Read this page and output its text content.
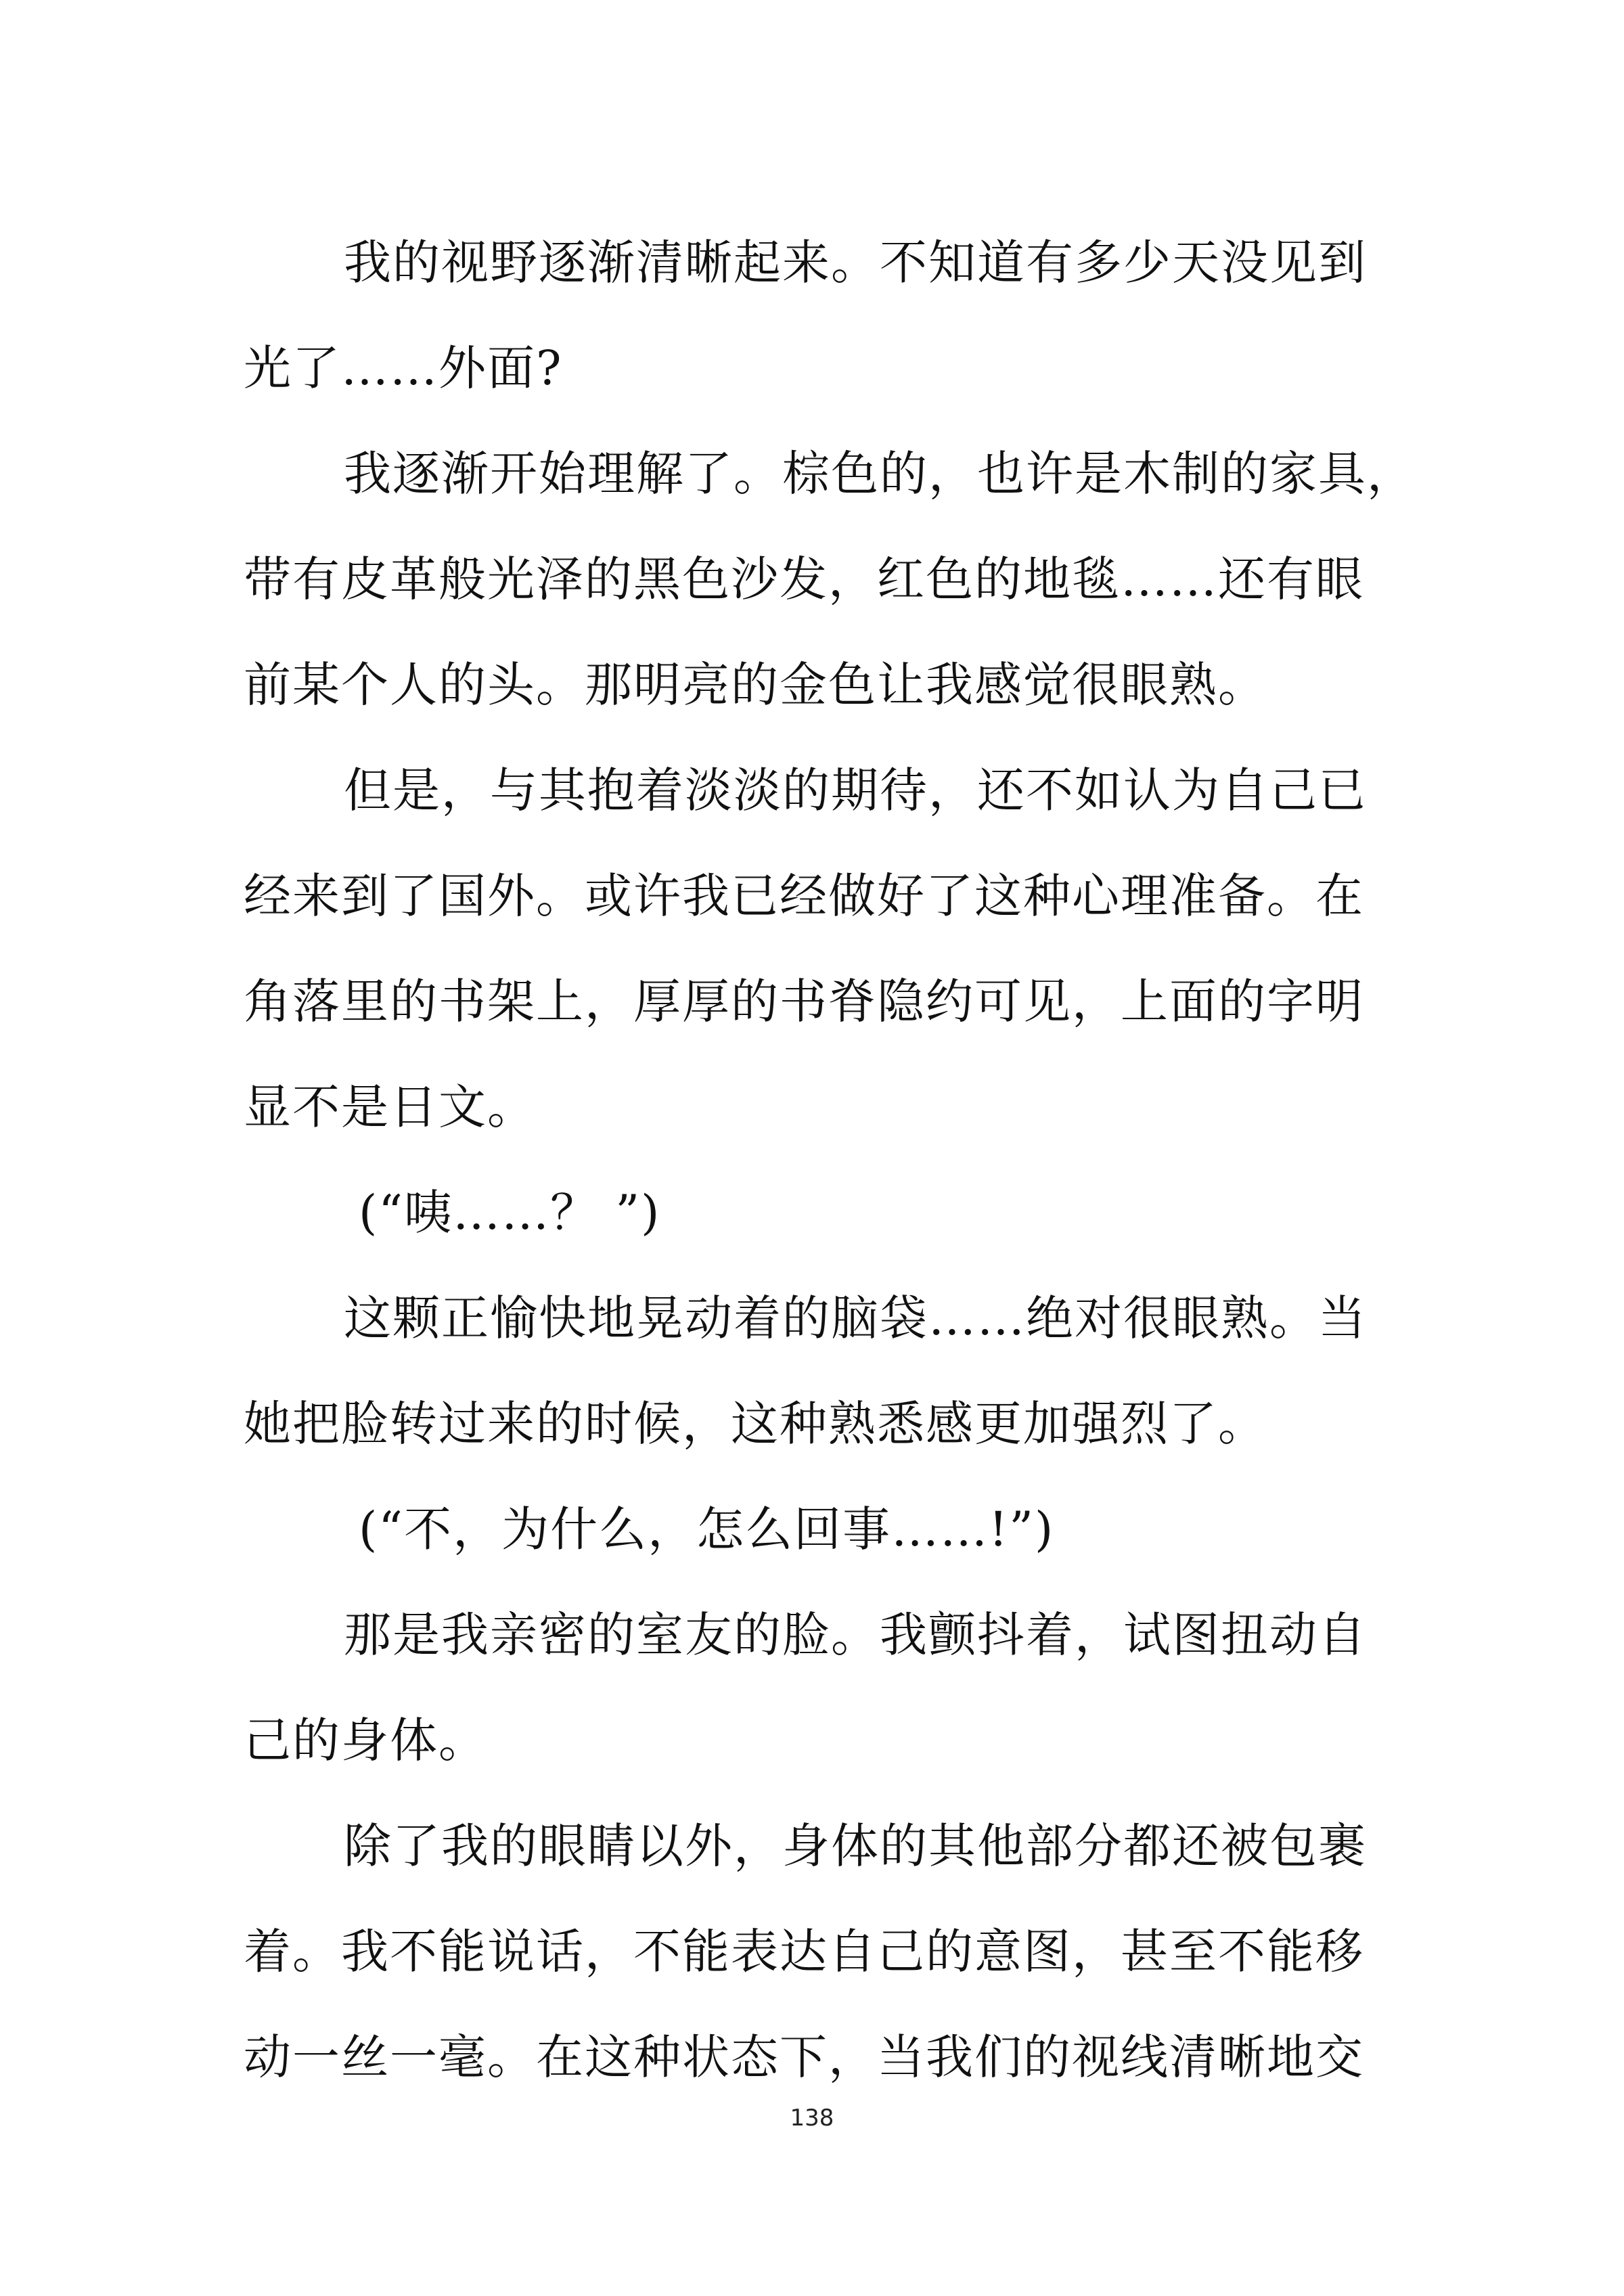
我的视野逐渐清晰起来。不知道有多少天没见到
光了……外面?
我逐渐开始理解了。棕色的，也许是木制的家具，
带有皮革般光泽的黑色沙发，红色的地毯……还有眼
前某个人的头。那明亮的金色让我感觉很眼熟。
但是，与其抱着淡淡的期待，还不如认为自己已
经来到了国外。或许我已经做好了这种心理准备。在
角落里的书架上，厚厚的书脊隐约可见，上面的字明
显不是日文。
(“咦……？ ”)
这颗正愉快地晃动着的脑袋……绝对很眼熟。当
她把脸转过来的时候，这种熟悉感更加强烈了。
(“不，为什么，怎么回事……!”)
那是我亲密的室友的脸。我颤抖着，试图扭动自
己的身体。
除了我的眼睛以外，身体的其他部分都还被包裹
着。我不能说话，不能表达自己的意图，甚至不能移
动一丝一毫。在这种状态下，当我们的视线清晰地交
138
